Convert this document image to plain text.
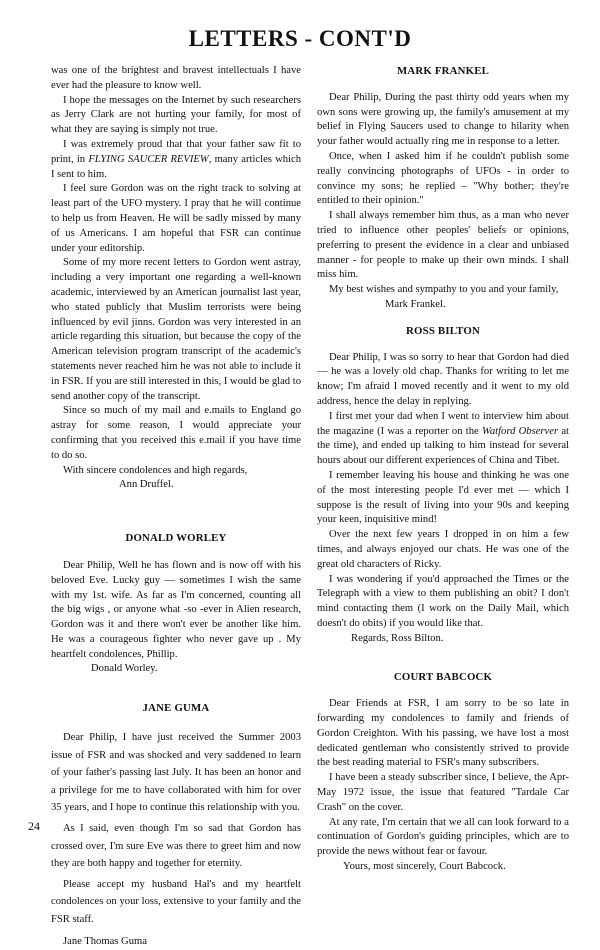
LETTERS - CONT'D

was one of the brightest and bravest intellectuals I have ever had the pleasure to know well.

I hope the messages on the Internet by such researchers as Jerry Clark are not hurting your family, for most of what they are saying is simply not true.

I was extremely proud that that your father saw fit to print, in FLYING SAUCER REVIEW, many articles which I sent to him.

I feel sure Gordon was on the right track to solving at least part of the UFO mystery. I pray that he will continue to help us from Heaven. He will be sadly missed by many of us Americans. I am hopeful that FSR can continue under your editorship.

Some of my more recent letters to Gordon went astray, including a very important one regarding a well-known academic, interviewed by an American journalist last year, who stated publicly that Muslim terrorists were being influenced by evil jinns. Gordon was very interested in an article regarding this situation, but because the copy of the American television program transcript of the academic's statements never reached him he was not able to include it in FSR. If you are still interested in this, I would be glad to send another copy of the transcript.

Since so much of my mail and e.mails to England go astray for some reason, I would appreciate your confirming that you received this e.mail if you have time to do so.

With sincere condolences and high regards,

Ann Druffel.

DONALD WORLEY

Dear Philip, Well he has flown and is now off with his beloved Eve. Lucky guy — sometimes I wish the same with my 1st. wife. As far as I'm concerned, counting all the big wigs , or anyone what -so -ever in Alien research, Gordon was it and there won't ever be another like him. He was a courageous fighter who never gave up . My heartfelt condolences, Phillip.

Donald Worley.

JANE GUMA

Dear Philip, I have just received the Summer 2003 issue of FSR and was shocked and very saddened to learn of your father's passing last July. It has been an honor and a privilege for me to have collaborated with him for over 35 years, and I hope to continue this relationship with you.

As I said, even though I'm so sad that Gordon has crossed over, I'm sure Eve was there to greet him and now they are both happy and together for eternity.

Please accept my husband Hal's and my heartfelt condolences on your loss, extensive to your family and the FSR staff.

Jane Thomas Guma

MARK FRANKEL

Dear Philip, During the past thirty odd years when my own sons were growing up, the family's amusement at my belief in Flying Saucers used to change to hilarity when your father would actually ring me in response to a letter.

Once, when I asked him if he couldn't publish some really convincing photographs of UFOs - in order to convince my sons; he replied – "Why bother; they're entitled to their opinion."

I shall always remember him thus, as a man who never tried to influence other peoples' beliefs or opinions, preferring to present the evidence in a clear and unbiased manner - for people to make up their own minds. I shall miss him.

My best wishes and sympathy to you and your family,

Mark Frankel.

ROSS BILTON

Dear Philip, I was so sorry to hear that Gordon had died — he was a lovely old chap. Thanks for writing to let me know; I'm afraid I moved recently and it went to my old address, hence the delay in replying.

I first met your dad when I went to interview him about the magazine (I was a reporter on the Watford Observer at the time), and ended up talking to him instead for several hours about our different experiences of China and Tibet.

I remember leaving his house and thinking he was one of the most interesting people I'd ever met — which I suppose is the result of living into your 90s and keeping your keen, inquisitive mind!

Over the next few years I dropped in on him a few times, and always enjoyed our chats. He was one of the great old characters of Ricky.

I was wondering if you'd approached the Times or the Telegraph with a view to them publishing an obit? I don't mind contacting them (I work on the Daily Mail, which doesn't do obits) if you would like that.

Regards, Ross Bilton.

COURT BABCOCK

Dear Friends at FSR, I am sorry to be so late in forwarding my condolences to family and friends of Gordon Creighton. With his passing, we have lost a most dedicated gentleman who consistently strived to provide the best reading material to FSR's many subscribers.

I have been a steady subscriber since, I believe, the Apr-May 1972 issue, the issue that featured "Tardale Car Crash" on the cover.

At any rate, I'm certain that we all can look forward to a continuation of Gordon's guiding principles, which are to provide the news without fear or favour.

Yours, most sincerely, Court Babcock.

24
